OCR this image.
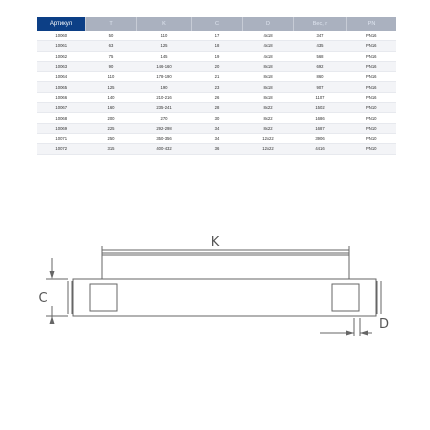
Артикул	T	K	C	D	Вес, г	PN
10060	50	110	17	4x18	347	PN16
10061	63	125	18	4x18	435	PN16
10062	75	145	19	4x18	568	PN16
10063	90	146-160	20	8x18	692	PN16
10064	110	178-190	21	8x18	860	PN16
10065	125	190	23	8x18	907	PN16
10066	140	210-216	26	8x18	1107	PN16
10067	160	235-241	28	8x22	1502	PN10
10068	200	270	30	8x22	1686	PN10
10069	225	292-298	34	8x22	1687	PN10
10071	250	350-356	34	12x22	3906	PN10
10072	315	400-432	36	12x22	4416	PN10
K
C
D
